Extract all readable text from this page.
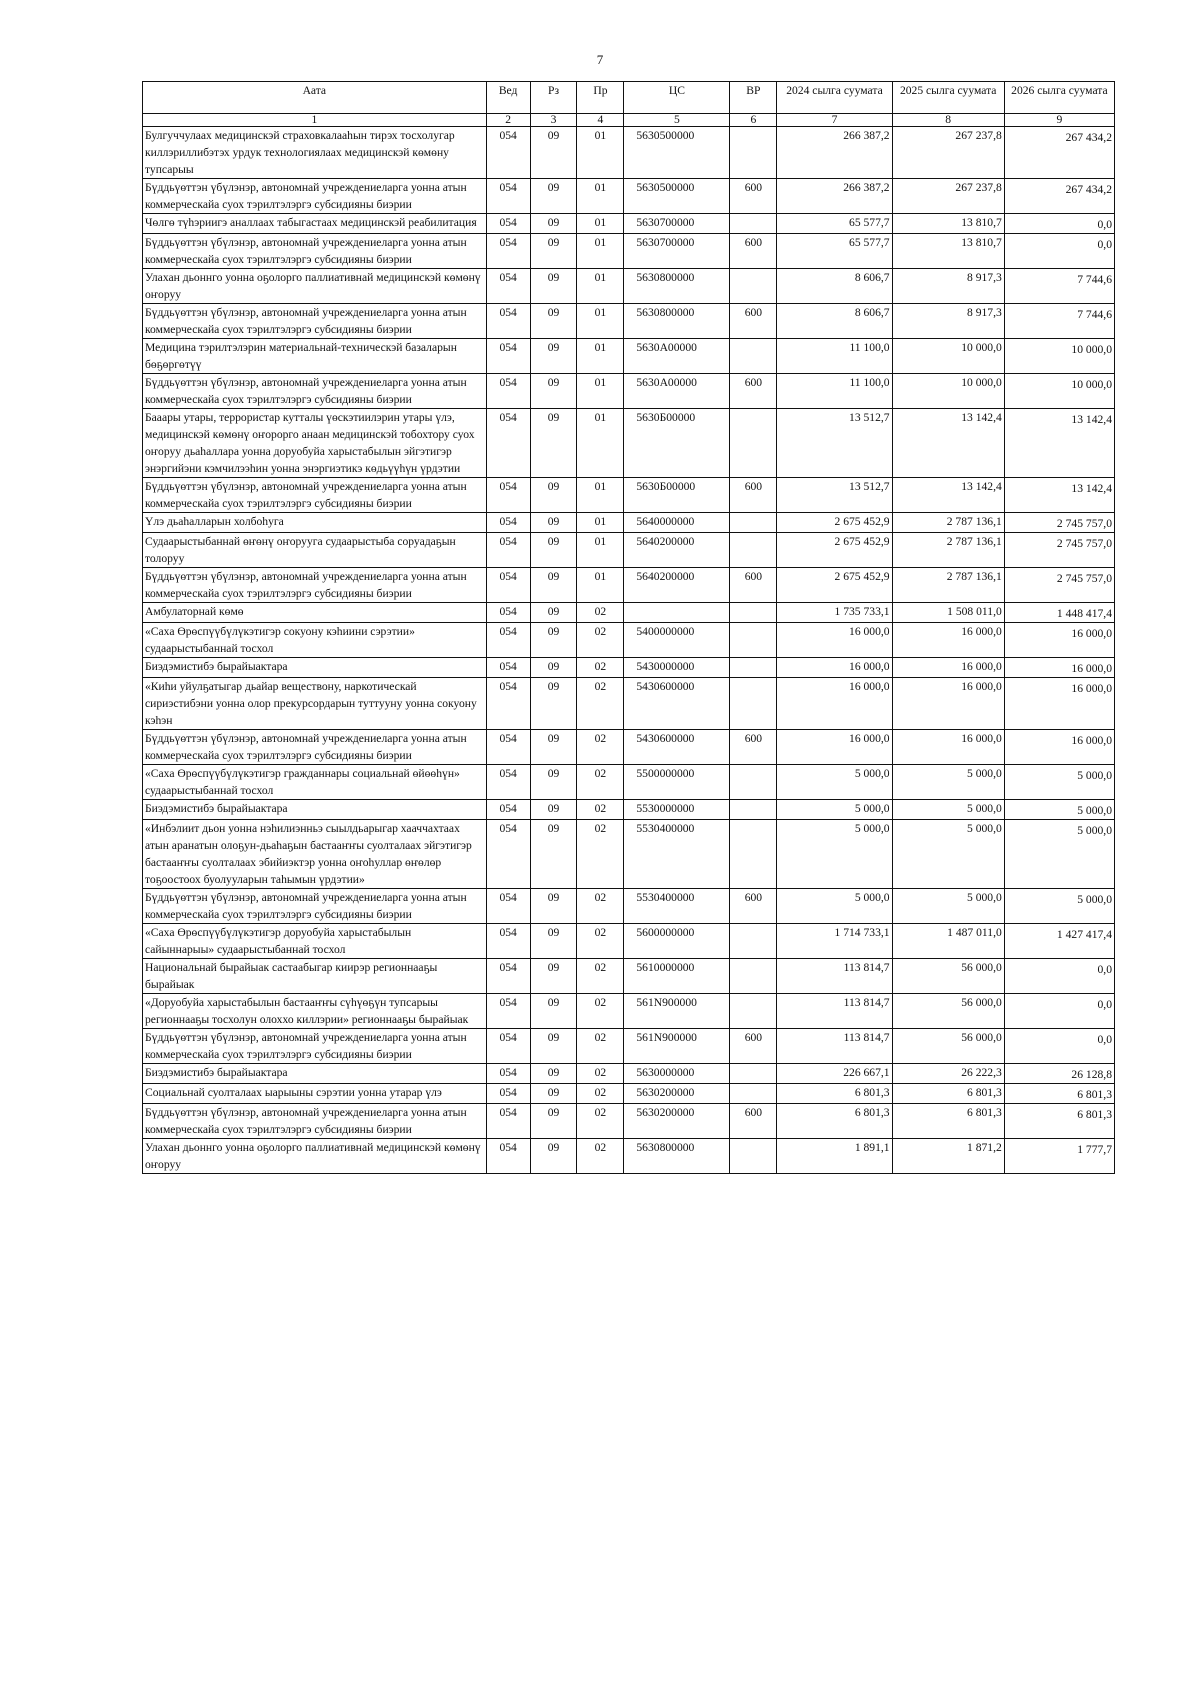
7
Аата	Вед	Рз	Пр	ЦС	ВР	2024 сылга суумата	2025 сылга суумата	2026 сылга суумата
1	2	3	4	5	6	7	8	9
Булгуччулаах медицинскэй страховкалааһын тирэх тосхолугар киллэриллибэтэх урдук технологиялаах медицинскэй көмөну тупсарыы	054	09	01	5630500000		266 387,2	267 237,8	267 434,2
Бүддьүөттэн үбүлэнэр, автономнай учреждениеларга уонна атын коммерческайа суох тэрилтэлэргэ субсидияны биэрии	054	09	01	5630500000	600	266 387,2	267 237,8	267 434,2
Чөлгө түһэриигэ аналлаах табыгастаах медицинскэй реабилитация	054	09	01	5630700000		65 577,7	13 810,7	0,0
Бүддьүөттэн үбүлэнэр, автономнай учреждениеларга уонна атын коммерческайа суох тэрилтэлэргэ субсидияны биэрии	054	09	01	5630700000	600	65 577,7	13 810,7	0,0
Улахан дьоннго уонна оҕолорго паллиативнай медицинскэй көмөнү оҥоруу	054	09	01	5630800000		8 606,7	8 917,3	7 744,6
Бүддьүөттэн үбүлэнэр, автономнай учреждениеларга уонна атын коммерческайа суох тэрилтэлэргэ субсидияны биэрии	054	09	01	5630800000	600	8 606,7	8 917,3	7 744,6
Медицина тэрилтэлэрин материальнай-техническэй базаларын бөҕөргөтүү	054	09	01	5630А00000		11 100,0	10 000,0	10 000,0
Бүддьүөттэн үбүлэнэр, автономнай учреждениеларга уонна атын коммерческайа суох тэрилтэлэргэ субсидияны биэрии	054	09	01	5630А00000	600	11 100,0	10 000,0	10 000,0
Бааары утары, террористар кутталы үөскэтиилэрин утары үлэ, медицинскэй көмөнү оҥорорго анаан медицинскэй тобохтору суох оҥоруу дьаһаллара уонна доруобуйа харыстабылын эйгэтигэр энэргийэни кэмчилээһин уонна энэргиэтикэ көдьүүһүн үрдэтии	054	09	01	5630Б00000		13 512,7	13 142,4	13 142,4
Бүддьүөттэн үбүлэнэр, автономнай учреждениеларга уонна атын коммерческайа суох тэрилтэлэргэ субсидияны биэрии	054	09	01	5630Б00000	600	13 512,7	13 142,4	13 142,4
Үлэ дьаһалларын холбоһуга	054	09	01	5640000000		2 675 452,9	2 787 136,1	2 745 757,0
Судаарыстыбаннай өҥөнү оҥорууга судаарыстыба соруадаҕын толоруу	054	09	01	5640200000		2 675 452,9	2 787 136,1	2 745 757,0
Бүддьүөттэн үбүлэнэр, автономнай учреждениеларга уонна атын коммерческайа суох тэрилтэлэргэ субсидияны биэрии	054	09	01	5640200000	600	2 675 452,9	2 787 136,1	2 745 757,0
Амбулаторнай көмө	054	09	02			1 735 733,1	1 508 011,0	1 448 417,4
«Саха Өрөспүүбүлүкэтигэр сокуону кэһиини сэрэтии» судаарыстыбаннай тосхол	054	09	02	5400000000		16 000,0	16 000,0	16 000,0
Биэдэмистибэ бырайыактара	054	09	02	5430000000		16 000,0	16 000,0	16 000,0
«Киһи уйулҕатыгар дьайар веществону, наркотическай сириэстибэни уонна олор прекурсордарын туттууну уонна сокуону кэһэн	054	09	02	5430600000		16 000,0	16 000,0	16 000,0
Бүддьүөттэн үбүлэнэр, автономнай учреждениеларга уонна атын коммерческайа суох тэрилтэлэргэ субсидияны биэрии	054	09	02	5430600000	600	16 000,0	16 000,0	16 000,0
«Саха Өрөспүүбүлүкэтигэр гражданнары социальнай өйөөһүн» судаарыстыбаннай тосхол	054	09	02	5500000000		5 000,0	5 000,0	5 000,0
Биэдэмистибэ бырайыактара	054	09	02	5530000000		5 000,0	5 000,0	5 000,0
«Инбэлиит дьон уонна нэһилиэнньэ сыылдьарыгар хааччахтаах атын аранатын олоҕун-дьаһаҕын бастааҥҥы суолталаах эйгэтигэр бастааҥҥы суолталаах эбийиэктэр уонна оҥоһуллар өҥөлөр тоҕоостоох буолууларын таһымын үрдэтии»	054	09	02	5530400000		5 000,0	5 000,0	5 000,0
Бүддьүөттэн үбүлэнэр, автономнай учреждениеларга уонна атын коммерческайа суох тэрилтэлэргэ субсидияны биэрии	054	09	02	5530400000	600	5 000,0	5 000,0	5 000,0
«Саха Өрөспүүбүлүкэтигэр доруобуйа харыстабылын сайыннарыы» судаарыстыбаннай тосхол	054	09	02	5600000000		1 714 733,1	1 487 011,0	1 427 417,4
Национальнай бырайыак састаабыгар киирэр регионнааҕы бырайыак	054	09	02	5610000000		113 814,7	56 000,0	0,0
«Доруобуйа харыстабылын бастааҥҥы сүһүөҕүн тупсарыы регионнааҕы тосхолун олоххо киллэрии» регионнааҕы бырайыак	054	09	02	561N900000		113 814,7	56 000,0	0,0
Бүддьүөттэн үбүлэнэр, автономнай учреждениеларга уонна атын коммерческайа суох тэрилтэлэргэ субсидияны биэрии	054	09	02	561N900000	600	113 814,7	56 000,0	0,0
Биэдэмистибэ бырайыактара	054	09	02	5630000000		226 667,1	26 222,3	26 128,8
Социальнай суолталаах ыарыыны сэрэтии уонна утарар үлэ	054	09	02	5630200000		6 801,3	6 801,3	6 801,3
Бүддьүөттэн үбүлэнэр, автономнай учреждениеларга уонна атын коммерческайа суох тэрилтэлэргэ субсидияны биэрии	054	09	02	5630200000	600	6 801,3	6 801,3	6 801,3
Улахан дьоннго уонна оҕолорго паллиативнай медицинскэй көмөнү оҥоруу	054	09	02	5630800000		1 891,1	1 871,2	1 777,7
